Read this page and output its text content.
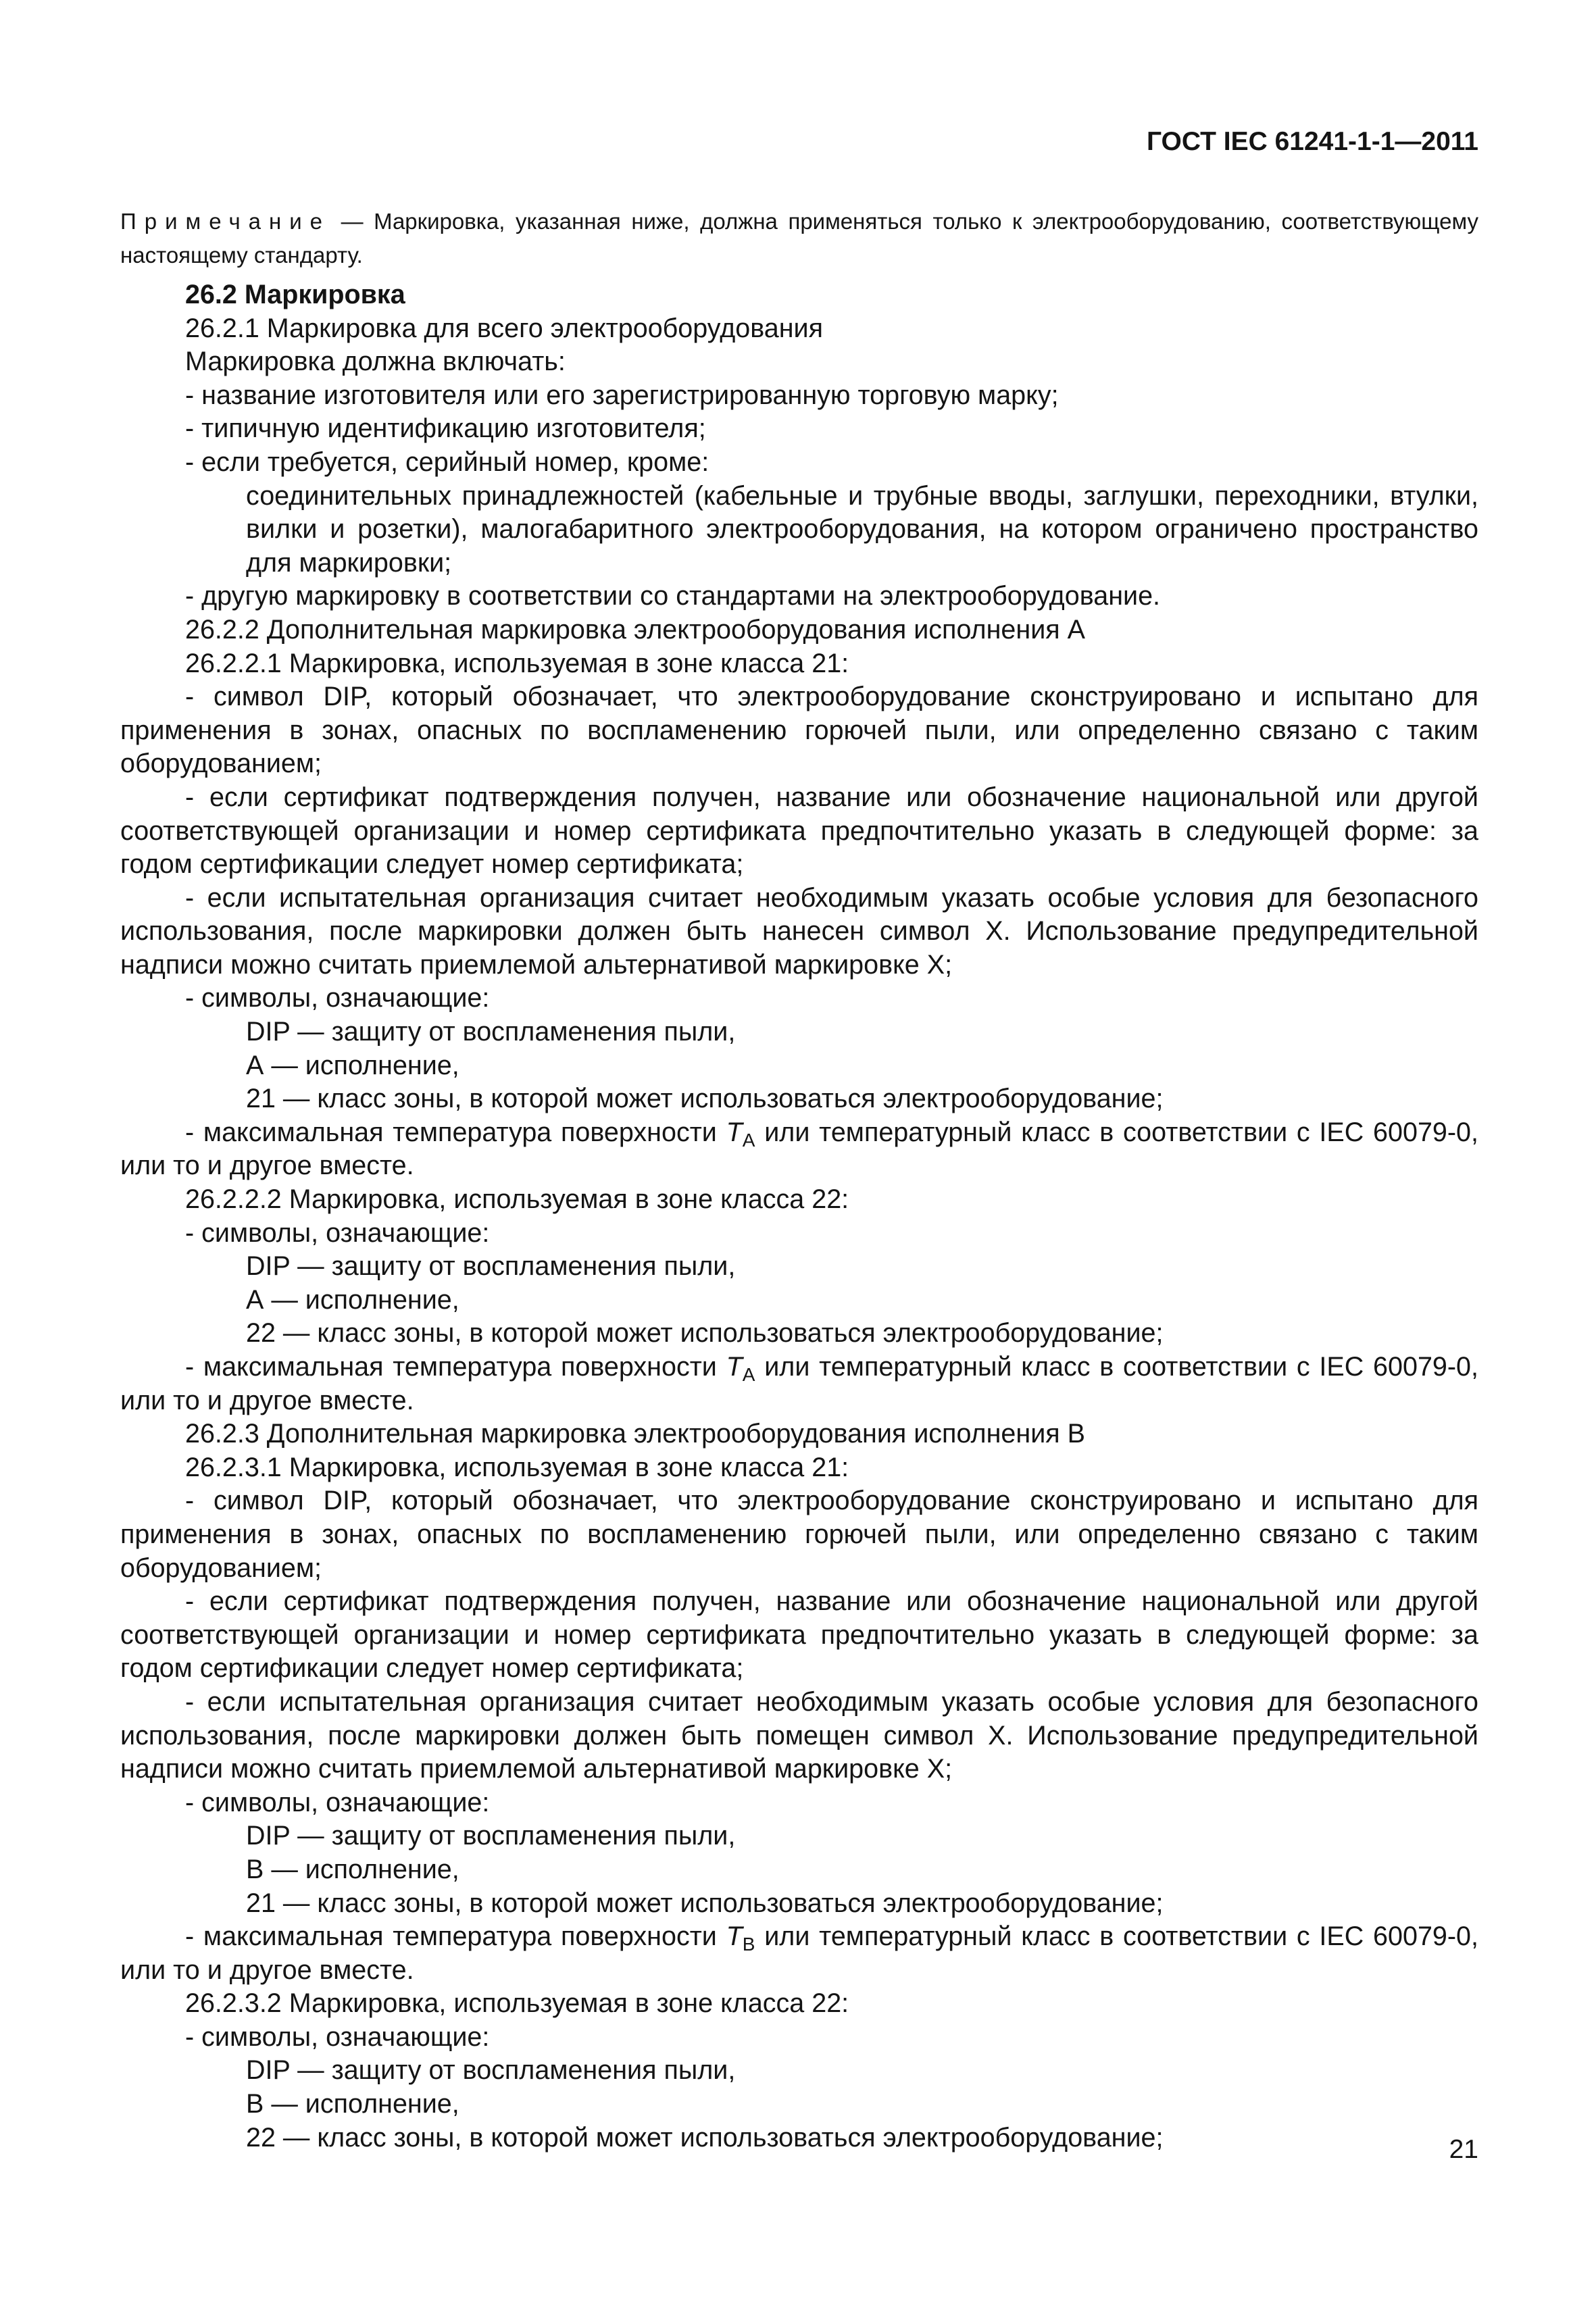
ГОСТ IEC 61241-1-1—2011
Примечание — Маркировка, указанная ниже, должна применяться только к электрооборудованию, соответствующему настоящему стандарту.

26.2 Маркировка

26.2.1 Маркировка для всего электрооборудования

Маркировка должна включать:

- название изготовителя или его зарегистрированную торговую марку;

- типичную идентификацию изготовителя;

- если требуется, серийный номер, кроме:

соединительных принадлежностей (кабельные и трубные вводы, заглушки, переходники, втулки, вилки и розетки), малогабаритного электрооборудования, на котором ограничено пространство для маркировки;

- другую маркировку в соответствии со стандартами на электрооборудование.

26.2.2 Дополнительная маркировка электрооборудования исполнения А

26.2.2.1 Маркировка, используемая в зоне класса 21:

- символ DIP, который обозначает, что электрооборудование сконструировано и испытано для применения в зонах, опасных по воспламенению горючей пыли, или определенно связано с таким оборудованием;

- если сертификат подтверждения получен, название или обозначение национальной или другой соответствующей организации и номер сертификата предпочтительно указать в следующей форме: за годом сертификации следует номер сертификата;

- если испытательная организация считает необходимым указать особые условия для безопасного использования, после маркировки должен быть нанесен символ X. Использование предупредительной надписи можно считать приемлемой альтернативой маркировке X;

- символы, означающие:

DIP — защиту от воспламенения пыли,

А — исполнение,

21 — класс зоны, в которой может использоваться электрооборудование;

- максимальная температура поверхности $T_A$ или температурный класс в соответствии с IEC 60079-0, или то и другое вместе.

26.2.2.2 Маркировка, используемая в зоне класса 22:

- символы, означающие:

DIP — защиту от воспламенения пыли,

А — исполнение,

22 — класс зоны, в которой может использоваться электрооборудование;

- максимальная температура поверхности $T_A$ или температурный класс в соответствии с IEC 60079-0, или то и другое вместе.

26.2.3 Дополнительная маркировка электрооборудования исполнения В

26.2.3.1 Маркировка, используемая в зоне класса 21:

- символ DIP, который обозначает, что электрооборудование сконструировано и испытано для применения в зонах, опасных по воспламенению горючей пыли, или определенно связано с таким оборудованием;

- если сертификат подтверждения получен, название или обозначение национальной или другой соответствующей организации и номер сертификата предпочтительно указать в следующей форме: за годом сертификации следует номер сертификата;

- если испытательная организация считает необходимым указать особые условия для безопасного использования, после маркировки должен быть помещен символ X. Использование предупредительной надписи можно считать приемлемой альтернативой маркировке X;

- символы, означающие:

DIP — защиту от воспламенения пыли,

В — исполнение,

21 — класс зоны, в которой может использоваться электрооборудование;

- максимальная температура поверхности $T_B$ или температурный класс в соответствии с IEC 60079-0, или то и другое вместе.

26.2.3.2 Маркировка, используемая в зоне класса 22:

- символы, означающие:

DIP — защиту от воспламенения пыли,

В — исполнение,

22 — класс зоны, в которой может использоваться электрооборудование;	21
